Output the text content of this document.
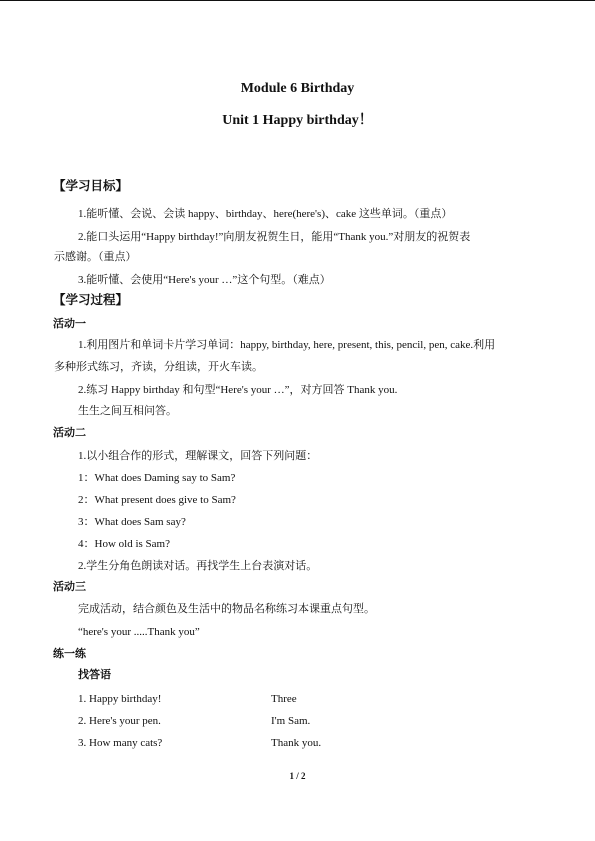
Module 6 Birthday
Unit 1 Happy birthday！
【学习目标】
1.能听懂、会说、会读 happy、birthday、here(here's)、cake 这些单词。（重点）
2.能口头运用“Happy birthday!”向朋友祝贺生日，能用“Thank you.”对朋友的祝贺表
示感谢。（重点）
3.能听懂、会使用“Here's your …”这个句型。（难点）
【学习过程】
活动一
1.利用图片和单词卡片学习单词：happy, birthday, here, present, this, pencil, pen, cake.利用
多种形式练习，齐读，分组读，开火车读。
2.练习 Happy birthday 和句型“Here's your …”，对方回答 Thank you.
生生之间互相问答。
活动二
1.以小组合作的形式，理解课文，回答下列问题：
1：What does Daming say to Sam?
2：What present does give to Sam?
3：What does Sam say?
4：How old is Sam?
2.学生分角色朗读对话。再找学生上台表演对话。
活动三
完成活动，结合颜色及生活中的物品名称练习本课重点句型。
“here's your .....Thank you”
练一练
找答语
1. Happy birthday!	Three
2. Here's your pen.	I'm Sam.
3. How many cats?	Thank you.
1 / 2
